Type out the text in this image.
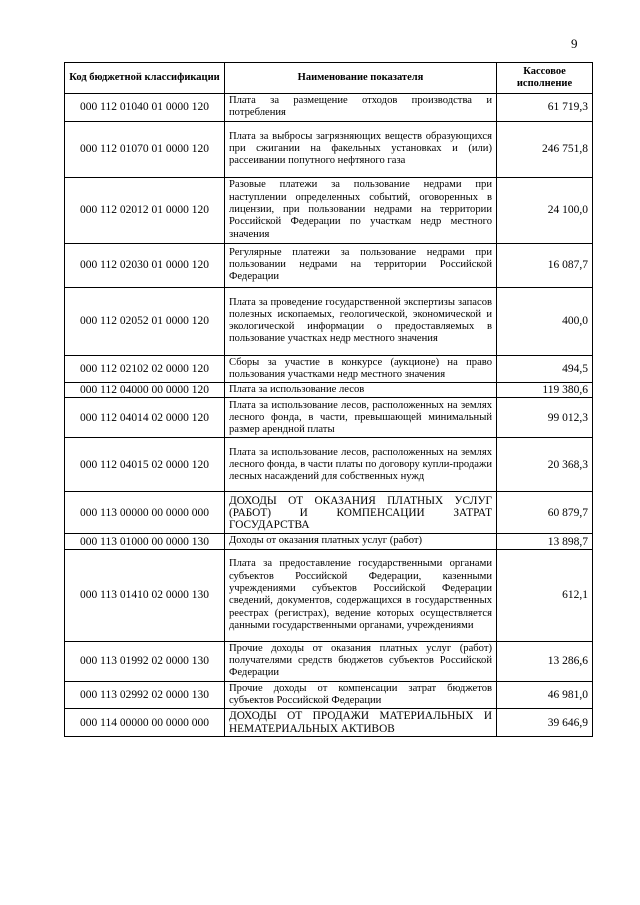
9
Код бюджетной классификации	Наименование показателя	Кассовое исполнение
000 112 01040 01 0000 120	Плата за размещение отходов производства и потребления	61 719,3
000 112 01070 01 0000 120	Плата за выбросы загрязняющих веществ образующихся при сжигании на факельных установках и (или) рассеивании попутного нефтяного газа	246 751,8
000 112 02012 01 0000 120	Разовые платежи за пользование недрами при наступлении определенных событий, оговоренных в лицензии, при пользовании недрами на территории Российской Федерации по участкам недр местного значения	24 100,0
000 112 02030 01 0000 120	Регулярные платежи за пользование недрами при пользовании недрами на территории Российской Федерации	16 087,7
000 112 02052 01 0000 120	Плата за проведение государственной экспертизы запасов полезных ископаемых, геологической, экономической и экологической информации о предоставляемых в пользование участках недр местного значения	400,0
000 112 02102 02 0000 120	Сборы за участие в конкурсе (аукционе) на право пользования участками недр местного значения	494,5
000 112 04000 00 0000 120	Плата за использование лесов	119 380,6
000 112 04014 02 0000 120	Плата за использование лесов, расположенных на землях лесного фонда, в части, превышающей минимальный размер арендной платы	99 012,3
000 112 04015 02 0000 120	Плата за использование лесов, расположенных на землях лесного фонда, в части платы по договору купли-продажи лесных насаждений для собственных нужд	20 368,3
000 113 00000 00 0000 000	ДОХОДЫ ОТ ОКАЗАНИЯ ПЛАТНЫХ УСЛУГ (РАБОТ) И КОМПЕНСАЦИИ ЗАТРАТ ГОСУДАРСТВА	60 879,7
000 113 01000 00 0000 130	Доходы от оказания платных услуг (работ)	13 898,7
000 113 01410 02 0000 130	Плата за предоставление государственными органами субъектов Российской Федерации, казенными учреждениями субъектов Российской Федерации сведений, документов, содержащихся в государственных реестрах (регистрах), ведение которых осуществляется данными государственными органами, учреждениями	612,1
000 113 01992 02 0000 130	Прочие доходы от оказания платных услуг (работ) получателями средств бюджетов субъектов Российской Федерации	13 286,6
000 113 02992 02 0000 130	Прочие доходы от компенсации затрат бюджетов субъектов Российской Федерации	46 981,0
000 114 00000 00 0000 000	ДОХОДЫ ОТ ПРОДАЖИ МАТЕРИАЛЬНЫХ И НЕМАТЕРИАЛЬНЫХ АКТИВОВ	39 646,9
